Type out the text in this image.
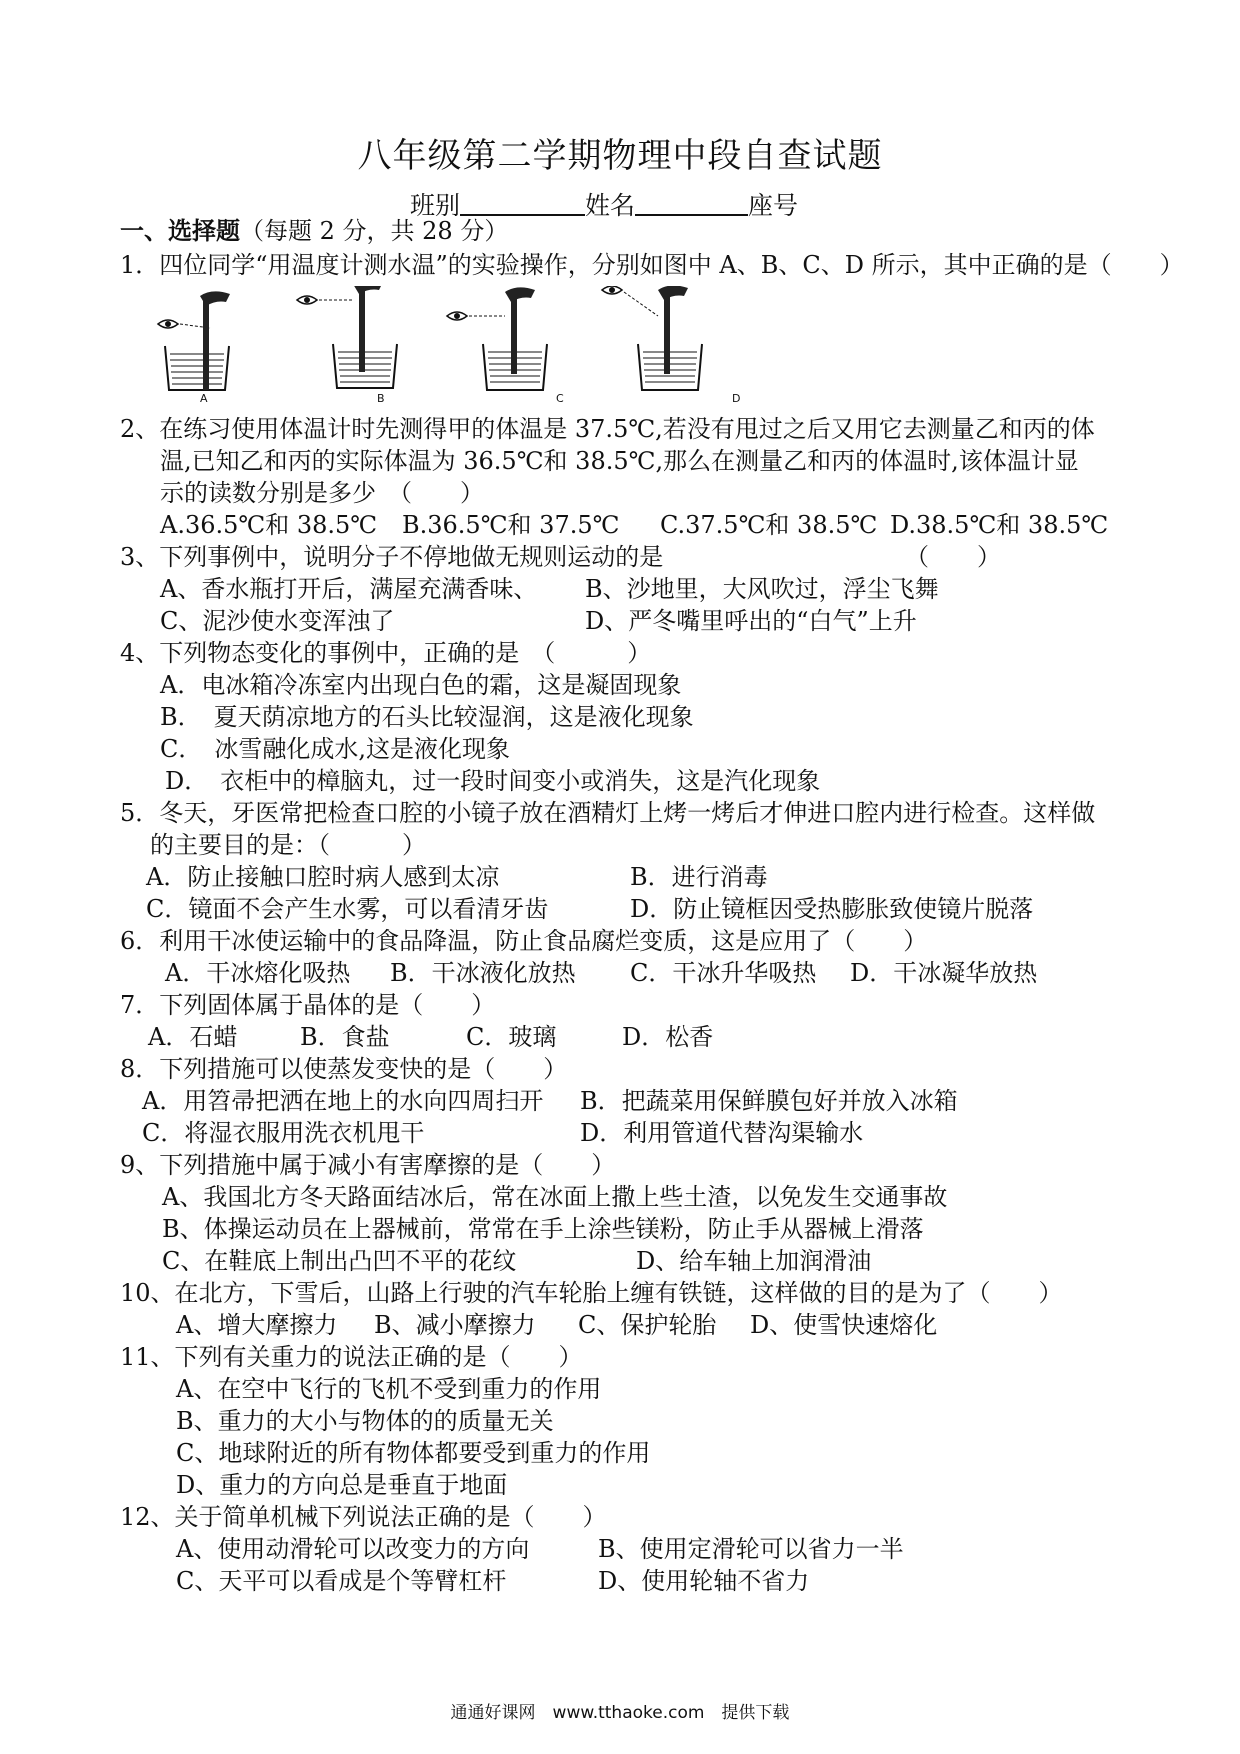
八年级第二学期物理中段自查试题
班别	姓名	座号
一、选择题（每题 2 分，共 28 分）
1．四位同学“用温度计测水温”的实验操作，分别如图中 A、B、C、D 所示，其中正确的是（　　）
A	B	C	D
2、在练习使用体温计时先测得甲的体温是 37.5℃,若没有甩过之后又用它去测量乙和丙的体
温,已知乙和丙的实际体温为 36.5℃和 38.5℃,那么在测量乙和丙的体温时,该体温计显
示的读数分别是多少　（　　）
A.36.5℃和 38.5℃ B.36.5℃和 37.5℃ C.37.5℃和 38.5℃ D.38.5℃和 38.5℃
3、下列事例中，说明分子不停地做无规则运动的是	（　　）
A、香水瓶打开后，满屋充满香味、 B、沙地里，大风吹过，浮尘飞舞
C、泥沙使水变浑浊了	D、严冬嘴里呼出的“白气”上升
4、下列物态变化的事例中，正确的是　（　　　）
A．电冰箱冷冻室内出现白色的霜，这是凝固现象
B．　夏天荫凉地方的石头比较湿润，这是液化现象
C．　冰雪融化成水,这是液化现象
D．　衣柜中的樟脑丸，过一段时间变小或消失，这是汽化现象
5．冬天，牙医常把检查口腔的小镜子放在酒精灯上烤一烤后才伸进口腔内进行检查。这样做
的主要目的是：（　　　）
A．防止接触口腔时病人感到太凉	B．进行消毒
C．镜面不会产生水雾，可以看清牙齿	D．防止镜框因受热膨胀致使镜片脱落
6．利用干冰使运输中的食品降温，防止食品腐烂变质，这是应用了（　　）
A．干冰熔化吸热 B．干冰液化放热 C．干冰升华吸热 D．干冰凝华放热
7．下列固体属于晶体的是（　　）
A．石蜡	B．食盐	C．玻璃	D．松香
8．下列措施可以使蒸发变快的是（　　）
A．用笤帚把洒在地上的水向四周扫开 B．把蔬菜用保鲜膜包好并放入冰箱
C．将湿衣服用洗衣机甩干	D．利用管道代替沟渠输水
9、下列措施中属于减小有害摩擦的是（　　）
A、我国北方冬天路面结冰后，常在冰面上撒上些土渣，以免发生交通事故
B、体操运动员在上器械前，常常在手上涂些镁粉，防止手从器械上滑落
C、在鞋底上制出凸凹不平的花纹	D、给车轴上加润滑油
10、在北方，下雪后，山路上行驶的汽车轮胎上缠有铁链，这样做的目的是为了（　　）
A、增大摩擦力 B、减小摩擦力 C、保护轮胎 D、使雪快速熔化
11、下列有关重力的说法正确的是（　　）
A、在空中飞行的飞机不受到重力的作用
B、重力的大小与物体的的质量无关
C、地球附近的所有物体都要受到重力的作用
D、重力的方向总是垂直于地面
12、关于简单机械下列说法正确的是（　　）
A、使用动滑轮可以改变力的方向	B、使用定滑轮可以省力一半
C、天平可以看成是个等臂杠杆	D、使用轮轴不省力
通通好课网　www.tthaoke.com　提供下载
